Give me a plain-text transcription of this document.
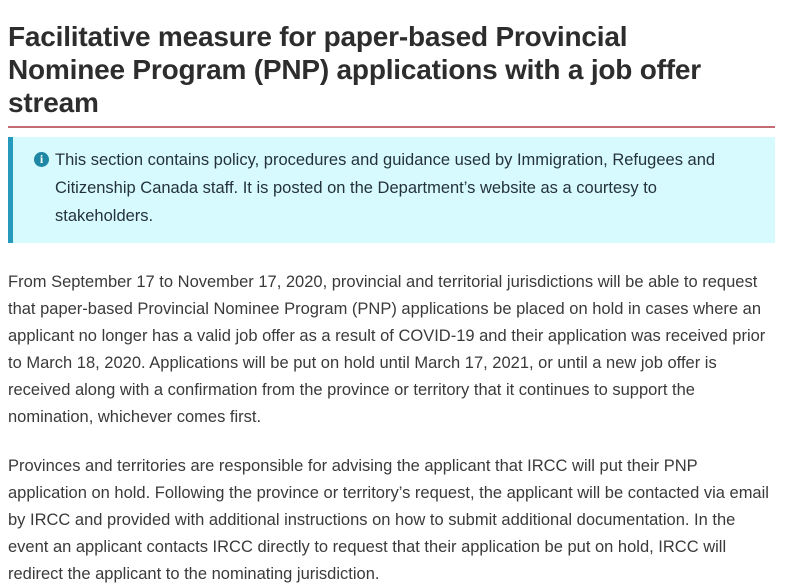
Facilitative measure for paper-based Provincial Nominee Program (PNP) applications with a job offer stream
i This section contains policy, procedures and guidance used by Immigration, Refugees and Citizenship Canada staff. It is posted on the Department’s website as a courtesy to stakeholders.

From September 17 to November 17, 2020, provincial and territorial jurisdictions will be able to request that paper-based Provincial Nominee Program (PNP) applications be placed on hold in cases where an applicant no longer has a valid job offer as a result of COVID-19 and their application was received prior to March 18, 2020. Applications will be put on hold until March 17, 2021, or until a new job offer is received along with a confirmation from the province or territory that it continues to support the nomination, whichever comes first.

Provinces and territories are responsible for advising the applicant that IRCC will put their PNP application on hold. Following the province or territory’s request, the applicant will be contacted via email by IRCC and provided with additional instructions on how to submit additional documentation. In the event an applicant contacts IRCC directly to request that their application be put on hold, IRCC will redirect the applicant to the nominating jurisdiction.
